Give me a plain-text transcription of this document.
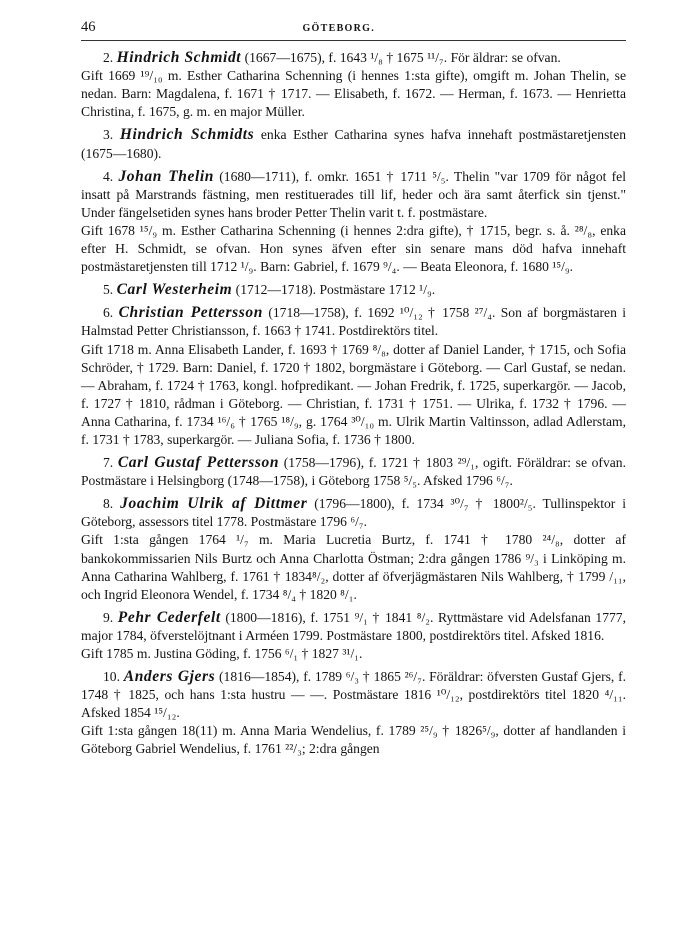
46	GÖTEBORG.

2. Hindrich Schmidt (1667—1675), f. 1643 ¹/₈ † 1675 ¹¹/₇. För äldrar: se ofvan.
Gift 1669 ¹⁹/₁₀ m. Esther Catharina Schenning (i hennes 1:sta gifte), omgift m. Johan Thelin, se nedan. Barn: Magdalena, f. 1671 † 1717. — Elisabeth, f. 1672. — Herman, f. 1673. — Henrietta Christina, f. 1675, g. m. en major Müller.

3. Hindrich Schmidts enka Esther Catharina synes hafva innehaft postmästaretjensten (1675—1680).

4. Johan Thelin (1680—1711), f. omkr. 1651 † 1711 ⁵/₅. Thelin "var 1709 för något fel insatt på Marstrands fästning, men restituerades till lif, heder och ära samt återfick sin tjenst." Under fängelsetiden synes hans broder Petter Thelin varit t. f. postmästare.
Gift 1678 ¹⁵/₉ m. Esther Catharina Schenning (i hennes 2:dra gifte), † 1715, begr. s. å. ²⁸/₈, enka efter H. Schmidt, se ofvan. Hon synes äfven efter sin senare mans död hafva innehaft postmästaretjensten till 1712 ¹/₉. Barn: Gabriel, f. 1679 ⁹/₄. — Beata Eleonora, f. 1680 ¹⁵/₉.

5. Carl Westerheim (1712—1718). Postmästare 1712 ¹/₉.

6. Christian Pettersson (1718—1758), f. 1692 ¹⁰/₁₂ † 1758 ²⁷/₄. Son af borgmästaren i Halmstad Petter Christiansson, f. 1663 † 1741. Postdirektörs titel.
Gift 1718 m. Anna Elisabeth Lander, f. 1693 † 1769 ⁸/₈, dotter af Daniel Lander, † 1715, och Sofia Schröder, † 1729. Barn: Daniel, f. 1720 † 1802, borgmästare i Göteborg. — Carl Gustaf, se nedan. — Abraham, f. 1724 † 1763, kongl. hofpredikant. — Johan Fredrik, f. 1725, superkargör. — Jacob, f. 1727 † 1810, rådman i Göteborg. — Christian, f. 1731 † 1751. — Ulrika, f. 1732 † 1796. — Anna Catharina, f. 1734 ¹⁶/₆ † 1765 ¹⁸/₉, g. 1764 ³⁰/₁₀ m. Ulrik Martin Valtinsson, adlad Adlerstam, f. 1731 † 1783, superkargör. — Juliana Sofia, f. 1736 † 1800.

7. Carl Gustaf Pettersson (1758—1796), f. 1721 † 1803 ²⁹/₁, ogift. Föräldrar: se ofvan. Postmästare i Helsingborg (1748—1758), i Göteborg 1758 ⁵/₅. Afsked 1796 ⁶/₇.

8. Joachim Ulrik af Dittmer (1796—1800), f. 1734 ³⁰/₇ † 1800²/₅. Tullinspektor i Göteborg, assessors titel 1778. Postmästare 1796 ⁶/₇.
Gift 1:sta gången 1764 ¹/₇ m. Maria Lucretia Burtz, f. 1741 † 1780 ²⁴/₈, dotter af bankokommissarien Nils Burtz och Anna Charlotta Östman; 2:dra gången 1786 ⁹/₃ i Linköping m. Anna Catharina Wahlberg, f. 1761 † 1834⁸/₂, dotter af öfverjägmästaren Nils Wahlberg, † 1799 /₁₁, och Ingrid Eleonora Wendel, f. 1734 ⁸/₄ † 1820 ⁸/₁.

9. Pehr Cederfelt (1800—1816), f. 1751 ⁹/₁ † 1841 ⁸/₂. Ryttmästare vid Adelsfanan 1777, major 1784, öfverstelöjtnant i Arméen 1799. Postmästare 1800, postdirektörs titel. Afsked 1816.
Gift 1785 m. Justina Göding, f. 1756 ⁶/₁ † 1827 ³¹/₁.

10. Anders Gjers (1816—1854), f. 1789 ⁶/₃ † 1865 ²⁶/₇. Föräldrar: öfversten Gustaf Gjers, f. 1748 † 1825, och hans 1:sta hustru — —. Postmästare 1816 ¹⁰/₁₂, postdirektörs titel 1820 ⁴/₁₁. Afsked 1854 ¹⁵/₁₂.
Gift 1:sta gången 18(11) m. Anna Maria Wendelius, f. 1789 ²⁵/₉ † 1826⁵/₉, dotter af handlanden i Göteborg Gabriel Wendelius, f. 1761 ²²/₃; 2:dra gången
